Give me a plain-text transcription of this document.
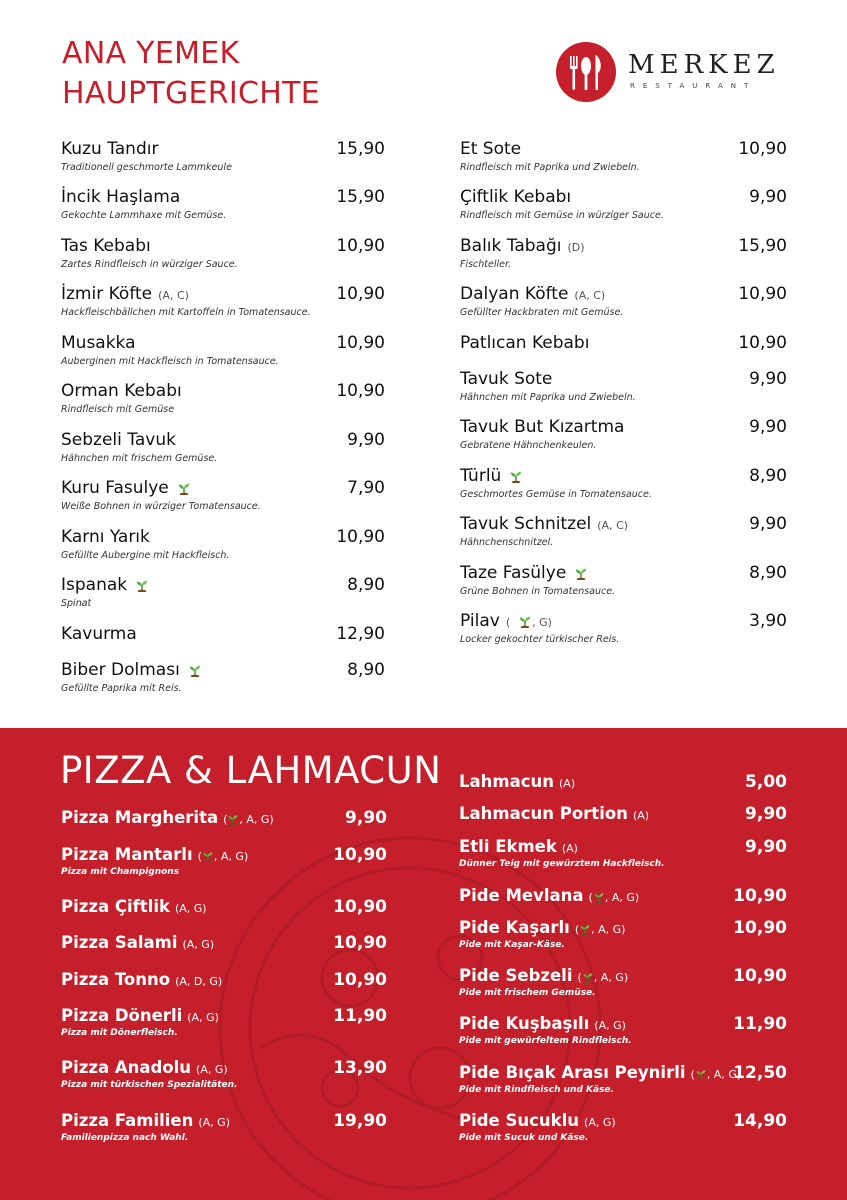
ANA YEMEK
HAUPTGERICHTE
MERKEZ
RESTAURANT
Kuzu Tandır
Traditionell geschmorte Lammkeule
15,90
İncik Haşlama
Gekochte Lammhaxe mit Gemüse.
15,90
Tas Kebabı
Zartes Rindfleisch in würziger Sauce.
10,90
İzmir Köfte (A, C)
Hackfleischbällchen mit Kartoffeln in Tomatensauce.
10,90
Musakka
Auberginen mit Hackfleisch in Tomatensauce.
10,90
Orman Kebabı
Rindfleisch mit Gemüse
10,90
Sebzeli Tavuk
Hähnchen mit frischem Gemüse.
9,90
Kuru Fasulye
Weiße Bohnen in würziger Tomatensauce.
7,90
Karnı Yarık
Gefüllte Aubergine mit Hackfleisch.
10,90
Ispanak
Spinat
8,90
Kavurma	12,90
Biber Dolması
Gefüllte Paprika mit Reis.
8,90
Et Sote
Rindfleisch mit Paprika und Zwiebeln.
10,90
Çiftlik Kebabı
Rindfleisch mit Gemüse in würziger Sauce.
9,90
Balık Tabağı (D)
Fischteller.
15,90
Dalyan Köfte (A, C)
Gefüllter Hackbraten mit Gemüse.
10,90
Patlıcan Kebabı	10,90
Tavuk Sote
Hähnchen mit Paprika und Zwiebeln.
9,90
Tavuk But Kızartma
Gebratene Hähnchenkeulen.
9,90
Türlü
Geschmortes Gemüse in Tomatensauce.
8,90
Tavuk Schnitzel (A, C)
Hähnchenschnitzel.
9,90
Taze Fasülye
Grüne Bohnen in Tomatensauce.
8,90
Pilav ( , G)
Locker gekochter türkischer Reis.
3,90
PIZZA & LAHMACUN
Pizza Margherita ( , A, G)	9,90
Pizza Mantarlı ( , A, G)
Pizza mit Champignons
10,90
Pizza Çiftlik (A, G)	10,90
Pizza Salami (A, G)	10,90
Pizza Tonno (A, D, G)	10,90
Pizza Dönerli (A, G)
Pizza mit Dönerfleisch.
11,90
Pizza Anadolu (A, G)
Pizza mit türkischen Spezialitäten.
13,90
Pizza Familien (A, G)
Familienpizza nach Wahl.
19,90
Lahmacun (A)	5,00
Lahmacun Portion (A)	9,90
Etli Ekmek (A)
Dünner Teig mit gewürztem Hackfleisch.
9,90
Pide Mevlana ( , A, G)	10,90
Pide Kaşarlı ( , A, G)
Pide mit Kaşar-Käse.
10,90
Pide Sebzeli ( , A, G)
Pide mit frischem Gemüse.
10,90
Pide Kuşbaşılı (A, G)
Pide mit gewürfeltem Rindfleisch.
11,90
Pide Bıçak Arası Peynirli ( , A, G)
Pide mit Rindfleisch und Käse.
12,50
Pide Sucuklu (A, G)
Pide mit Sucuk und Käse.
14,90
